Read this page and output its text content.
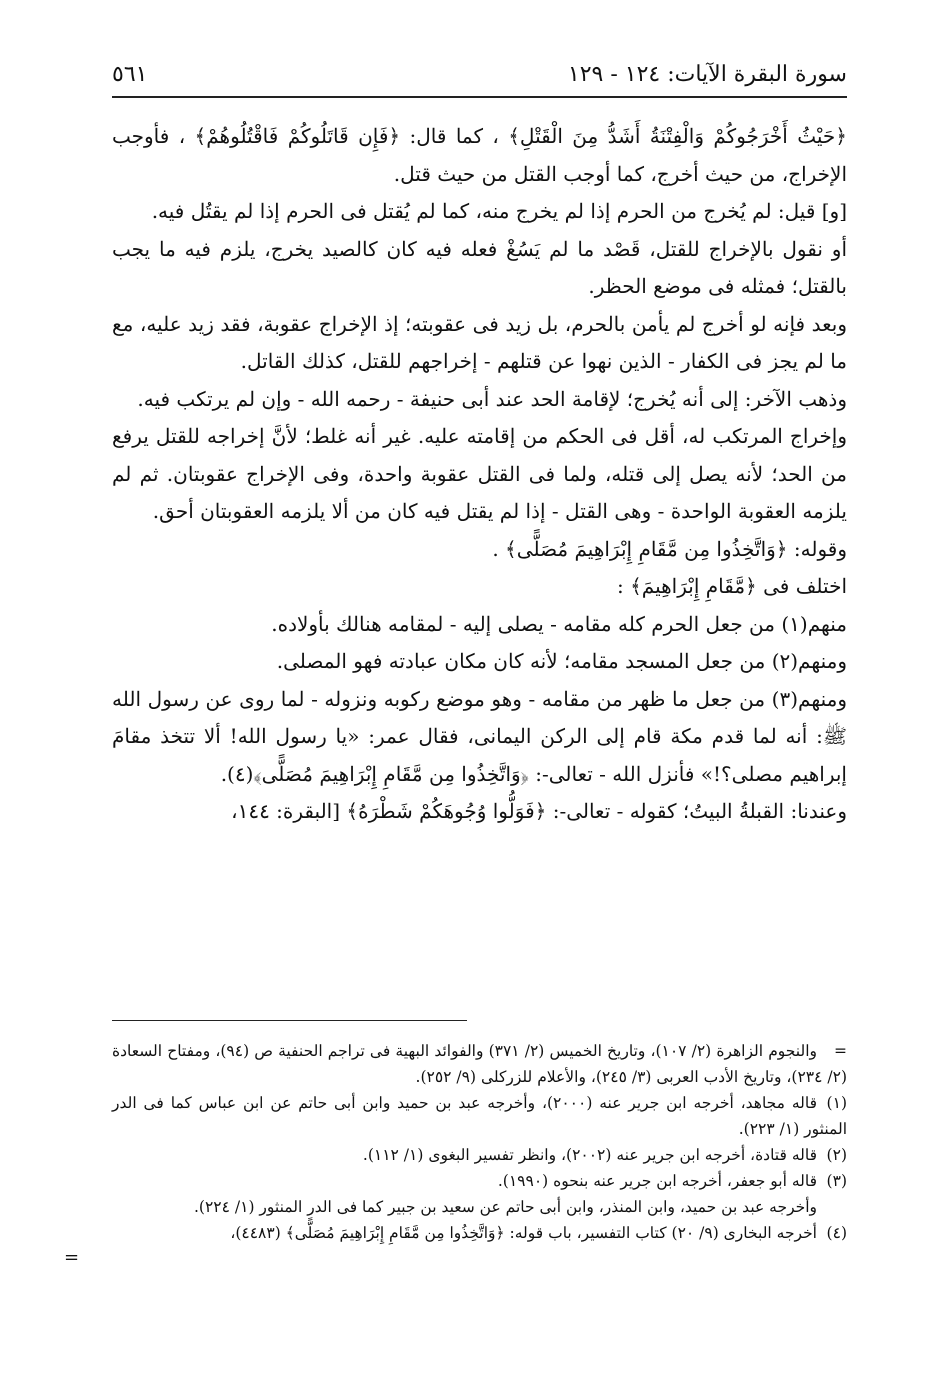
سورة البقرة الآيات: ١٢٤ - ١٢٩
٥٦١

﴿حَيْثُ أَخْرَجُوكُمْ وَالْفِتْنَةُ أَشَدُّ مِنَ الْقَتْلِ﴾ ، كما قال: ﴿فَإِن قَاتَلُوكُمْ فَاقْتُلُوهُمْ﴾ ، فأوجب الإخراج، من حيث أخرج، كما أوجب القتل من حيث قتل.

[و] قيل: لم يُخرج من الحرم إذا لم يخرج منه، كما لم يُقتل فى الحرم إذا لم يقتُل فيه.

أو نقول بالإخراج للقتل، قَصْد ما لم يَسُغْ فعله فيه كان كالصيد يخرج، يلزم فيه ما يجب بالقتل؛ فمثله فى موضع الحظر.

وبعد فإنه لو أخرج لم يأمن بالحرم، بل زيد فى عقوبته؛ إذ الإخراج عقوبة، فقد زيد عليه، مع ما لم يجز فى الكفار - الذين نهوا عن قتلهم - إخراجهم للقتل، كذلك القاتل.

وذهب الآخر: إلى أنه يُخرج؛ لإقامة الحد عند أبى حنيفة - رحمه الله - وإن لم يرتكب فيه.

وإخراج المرتكب له، أقل فى الحكم من إقامته عليه. غير أنه غلط؛ لأنَّ إخراجه للقتل يرفع من الحد؛ لأنه يصل إلى قتله، ولما فى القتل عقوبة واحدة، وفى الإخراج عقوبتان. ثم لم يلزمه العقوبة الواحدة - وهى القتل - إذا لم يقتل فيه كان من ألا يلزمه العقوبتان أحق.

وقوله: ﴿وَاتَّخِذُوا مِن مَّقَامِ إِبْرَاهِيمَ مُصَلًّى﴾ .

اختلف فى ﴿مَّقَامِ إِبْرَاهِيمَ﴾ :

منهم(١) من جعل الحرم كله مقامه - يصلى إليه - لمقامه هنالك بأولاده.

ومنهم(٢) من جعل المسجد مقامه؛ لأنه كان مكان عبادته فهو المصلى.

ومنهم(٣) من جعل ما ظهر من مقامه - وهو موضع ركوبه ونزوله - لما روى عن رسول الله ﷺ: أنه لما قدم مكة قام إلى الركن اليمانى، فقال عمر: «يا رسول الله! ألا تتخذ مقامَ إبراهيم مصلى؟!» فأنزل الله - تعالى-: ﴿وَاتَّخِذُوا مِن مَّقَامِ إِبْرَاهِيمَ مُصَلًّى﴾(٤).

وعندنا: القبلةُ البيتُ؛ كقوله - تعالى-: ﴿فَوَلُّوا وُجُوهَكُمْ شَطْرَهُ﴾ [البقرة: ١٤٤،

=والنجوم الزاهرة (٢/ ١٠٧)، وتاريخ الخميس (٢/ ٣٧١) والفوائد البهية فى تراجم الحنفية ص (٩٤)، ومفتاح السعادة (٢/ ٢٣٤)، وتاريخ الأدب العربى (٣/ ٢٤٥)، والأعلام للزركلى (٩/ ٢٥٢).

(١)قاله مجاهد، أخرجه ابن جرير عنه (٢٠٠٠)، وأخرجه عبد بن حميد وابن أبى حاتم عن ابن عباس كما فى الدر المنثور (١/ ٢٢٣).

(٢)قاله قتادة، أخرجه ابن جرير عنه (٢٠٠٢)، وانظر تفسير البغوى (١/ ١١٢).

(٣)قاله أبو جعفر، أخرجه ابن جرير عنه بنحوه (١٩٩٠).

وأخرجه عبد بن حميد، وابن المنذر، وابن أبى حاتم عن سعيد بن جبير كما فى الدر المنثور (١/ ٢٢٤).

(٤)أخرجه البخارى (٩/ ٢٠) كتاب التفسير، باب قوله: ﴿وَاتَّخِذُوا مِن مَّقَامِ إِبْرَاهِيمَ مُصَلًّى﴾ (٤٤٨٣)،

=
